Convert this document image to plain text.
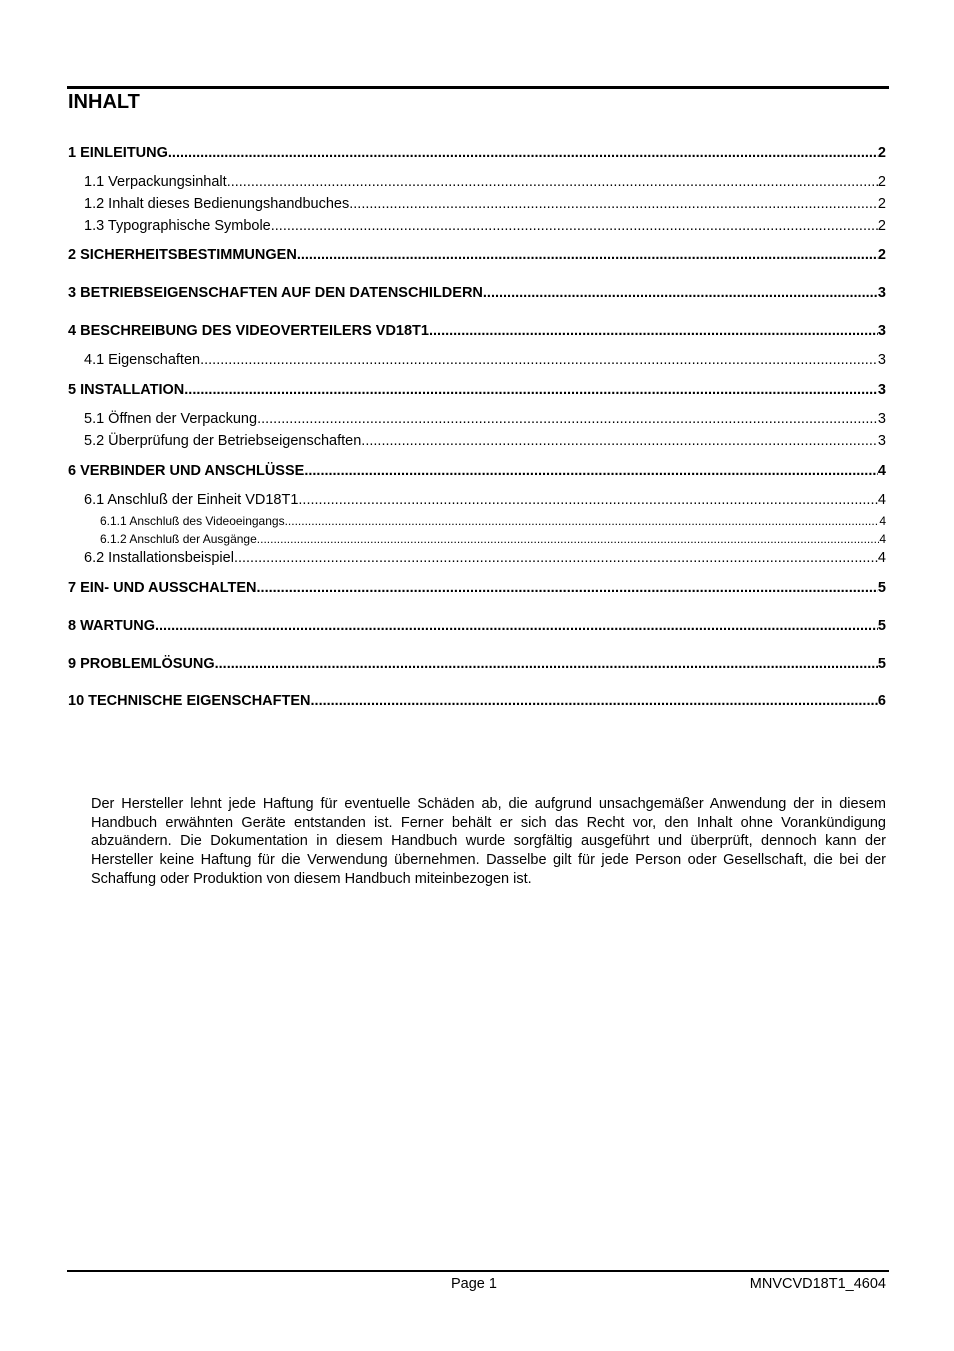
INHALT
1 EINLEITUNG .....	2
1.1 Verpackungsinhalt .....	2
1.2 Inhalt dieses Bedienungshandbuches .....	2
1.3 Typographische Symbole .....	2
2 SICHERHEITSBESTIMMUNGEN .....	2
3 BETRIEBSEIGENSCHAFTEN AUF DEN DATENSCHILDERN .....	3
4 BESCHREIBUNG DES VIDEOVERTEILERS VD18T1 .....	3
4.1 Eigenschaften .....	3
5 INSTALLATION .....	3
5.1 Öffnen der Verpackung .....	3
5.2 Überprüfung der Betriebseigenschaften .....	3
6 VERBINDER UND ANSCHLÜSSE .....	4
6.1 Anschluß der Einheit VD18T1 .....	4
6.1.1 Anschluß des Videoeingangs .....	4
6.1.2 Anschluß der Ausgänge .....	4
6.2 Installationsbeispiel .....	4
7 EIN- UND AUSSCHALTEN .....	5
8 WARTUNG .....	5
9 PROBLEMLÖSUNG .....	5
10 TECHNISCHE EIGENSCHAFTEN .....	6

Der Hersteller lehnt jede Haftung für eventuelle Schäden ab, die aufgrund unsachgemäßer Anwendung der in diesem Handbuch erwähnten Geräte entstanden ist. Ferner behält er sich das Recht vor, den Inhalt ohne Vorankündigung abzuändern. Die Dokumentation in diesem Handbuch wurde sorgfältig ausgeführt und überprüft, dennoch kann der Hersteller keine Haftung für die Verwendung übernehmen. Dasselbe gilt für jede Person oder Gesellschaft, die bei der Schaffung oder Produktion von diesem Handbuch miteinbezogen ist.

Page 1	MNVCVD18T1_4604
